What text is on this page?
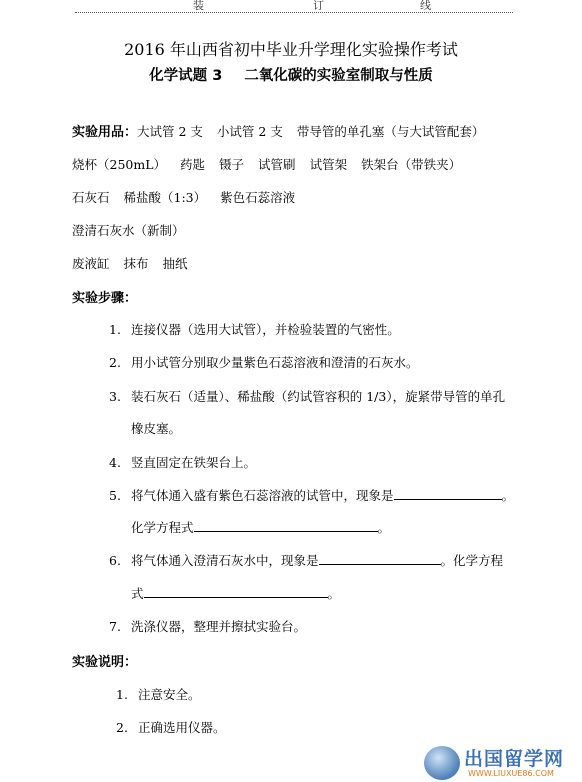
装	订	线
2016 年山西省初中毕业升学理化实验操作考试
化学试题 3 二氧化碳的实验室制取与性质
实验用品：大试管 2 支 小试管 2 支 带导管的单孔塞（与大试管配套）
烧杯（250mL） 药匙 镊子 试管刷 试管架 铁架台（带铁夹）
石灰石 稀盐酸（1:3） 紫色石蕊溶液
澄清石灰水（新制）
废液缸 抹布 抽纸
实验步骤：
1. 连接仪器（选用大试管），并检验装置的气密性。
2. 用小试管分别取少量紫色石蕊溶液和澄清的石灰水。
3. 装石灰石（适量）、稀盐酸（约试管容积的 1/3），旋紧带导管的单孔
橡皮塞。
4. 竖直固定在铁架台上。
5. 将气体通入盛有紫色石蕊溶液的试管中，现象是	。
化学方程式	。
6. 将气体通入澄清石灰水中，现象是	。化学方程
式	。
7. 洗涤仪器，整理并擦拭实验台。
实验说明：
1. 注意安全。
2. 正确选用仪器。
出国留学网
WWW.LIUXUE86.COM
